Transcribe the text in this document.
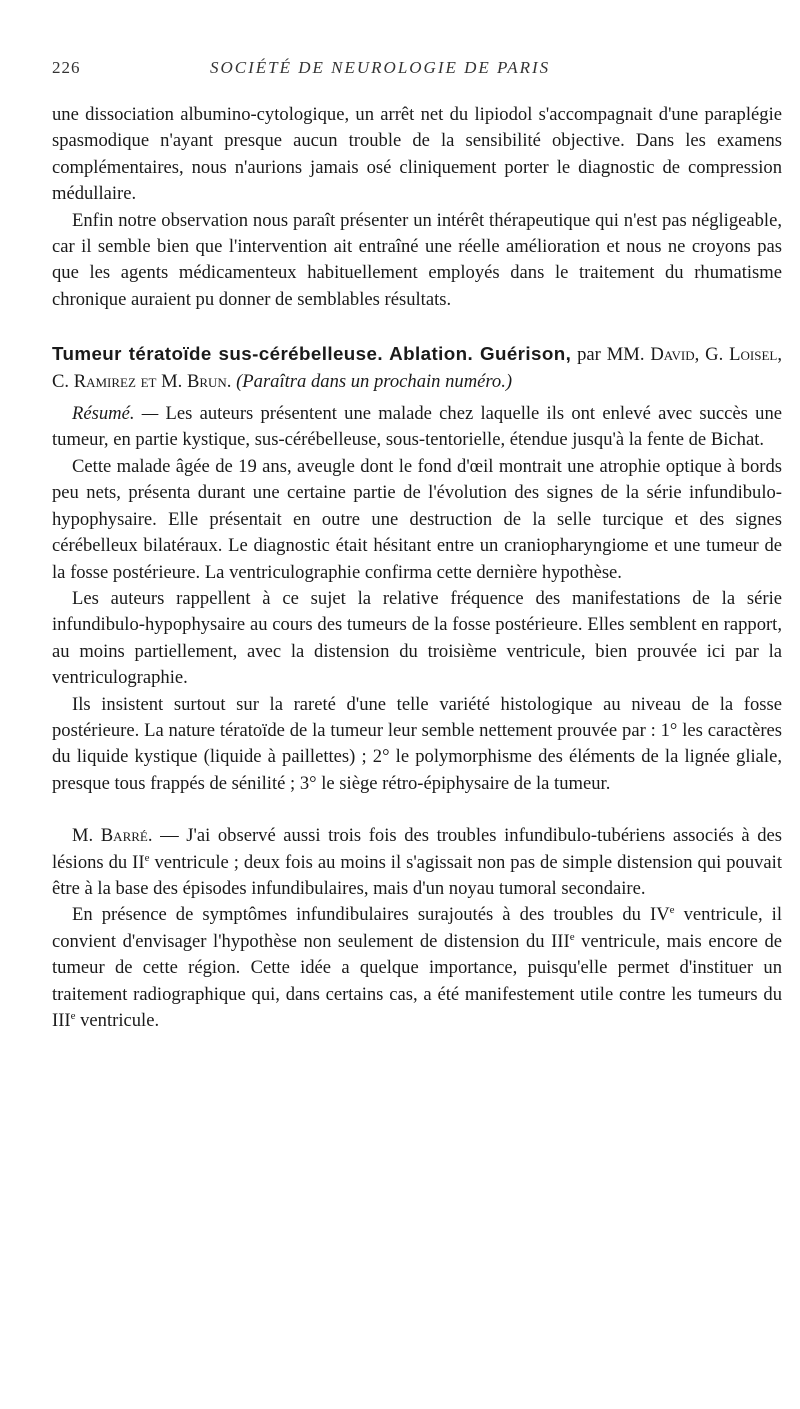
226	SOCIÉTÉ DE NEUROLOGIE DE PARIS

une dissociation albumino-cytologique, un arrêt net du lipiodol s'accompagnait d'une paraplégie spasmodique n'ayant presque aucun trouble de la sensibilité objective. Dans les examens complémentaires, nous n'aurions jamais osé cliniquement porter le diagnostic de compression médullaire.

Enfin notre observation nous paraît présenter un intérêt thérapeutique qui n'est pas négligeable, car il semble bien que l'intervention ait entraîné une réelle amélioration et nous ne croyons pas que les agents médicamenteux habituellement employés dans le traitement du rhumatisme chronique auraient pu donner de semblables résultats.

Tumeur tératoïde sus-cérébelleuse. Ablation. Guérison, par MM. David, G. Loisel, C. Ramirez et M. Brun. (Paraîtra dans un prochain numéro.)

Résumé. — Les auteurs présentent une malade chez laquelle ils ont enlevé avec succès une tumeur, en partie kystique, sus-cérébelleuse, sous-tentorielle, étendue jusqu'à la fente de Bichat.

Cette malade âgée de 19 ans, aveugle dont le fond d'œil montrait une atrophie optique à bords peu nets, présenta durant une certaine partie de l'évolution des signes de la série infundibulo-hypophysaire. Elle présentait en outre une destruction de la selle turcique et des signes cérébelleux bilatéraux. Le diagnostic était hésitant entre un craniopharyngiome et une tumeur de la fosse postérieure. La ventriculographie confirma cette dernière hypothèse.

Les auteurs rappellent à ce sujet la relative fréquence des manifestations de la série infundibulo-hypophysaire au cours des tumeurs de la fosse postérieure. Elles semblent en rapport, au moins partiellement, avec la distension du troisième ventricule, bien prouvée ici par la ventriculographie.

Ils insistent surtout sur la rareté d'une telle variété histologique au niveau de la fosse postérieure. La nature tératoïde de la tumeur leur semble nettement prouvée par : 1° les caractères du liquide kystique (liquide à paillettes) ; 2° le polymorphisme des éléments de la lignée gliale, presque tous frappés de sénilité ; 3° le siège rétro-épiphysaire de la tumeur.

M. Barré. — J'ai observé aussi trois fois des troubles infundibulo-tubériens associés à des lésions du IIe ventricule ; deux fois au moins il s'agissait non pas de simple distension qui pouvait être à la base des épisodes infundibulaires, mais d'un noyau tumoral secondaire.

En présence de symptômes infundibulaires surajoutés à des troubles du IVe ventricule, il convient d'envisager l'hypothèse non seulement de distension du IIIe ventricule, mais encore de tumeur de cette région. Cette idée a quelque importance, puisqu'elle permet d'instituer un traitement radiographique qui, dans certains cas, a été manifestement utile contre les tumeurs du IIIe ventricule.
